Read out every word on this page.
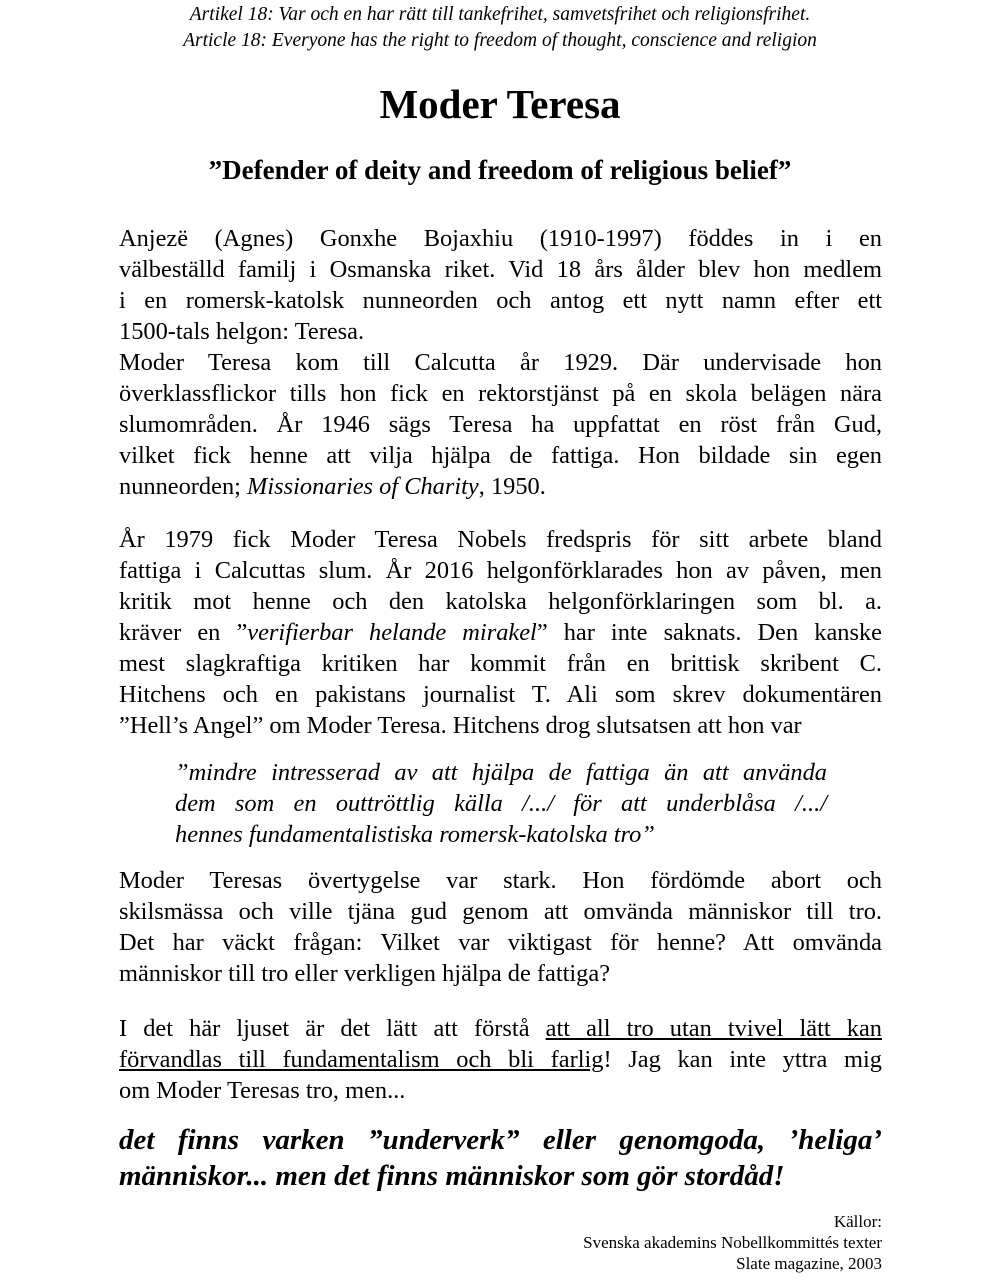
Artikel 18: Var och en har rätt till tankefrihet, samvetsfrihet och religionsfrihet.
Article 18: Everyone has the right to freedom of thought, conscience and religion
Moder Teresa
”Defender of deity and freedom of religious belief”
Anjezë (Agnes) Gonxhe Bojaxhiu (1910-1997) föddes in i en
välbeställd familj i Osmanska riket. Vid 18 års ålder blev hon medlem
i en romersk-katolsk nunneorden och antog ett nytt namn efter ett
1500-tals helgon: Teresa.
Moder Teresa kom till Calcutta år 1929. Där undervisade hon
överklassflickor tills hon fick en rektorstjänst på en skola belägen nära
slumområden. År 1946 sägs Teresa ha uppfattat en röst från Gud,
vilket fick henne att vilja hjälpa de fattiga. Hon bildade sin egen
nunneorden; Missionaries of Charity, 1950.
År 1979 fick Moder Teresa Nobels fredspris för sitt arbete bland
fattiga i Calcuttas slum. År 2016 helgonförklarades hon av påven, men
kritik mot henne och den katolska helgonförklaringen som bl. a.
kräver en ”verifierbar helande mirakel” har inte saknats. Den kanske
mest slagkraftiga kritiken har kommit från en brittisk skribent C.
Hitchens och en pakistans journalist T. Ali som skrev dokumentären
”Hell’s Angel” om Moder Teresa. Hitchens drog slutsatsen att hon var
”mindre intresserad av att hjälpa de fattiga än att använda
dem som en outtröttlig källa /.../ för att underblåsa /.../
hennes fundamentalistiska romersk-katolska tro”
Moder Teresas övertygelse var stark. Hon fördömde abort och
skilsmässa och ville tjäna gud genom att omvända människor till tro.
Det har väckt frågan: Vilket var viktigast för henne? Att omvända
människor till tro eller verkligen hjälpa de fattiga?
I det här ljuset är det lätt att förstå att all tro utan tvivel lätt kan
förvandlas till fundamentalism och bli farlig! Jag kan inte yttra mig
om Moder Teresas tro, men...
det finns varken ”underverk” eller genomgoda, ’heliga’
människor... men det finns människor som gör stordåd!
Källor:
Svenska akademins Nobellkommittés texter
Slate magazine, 2003
